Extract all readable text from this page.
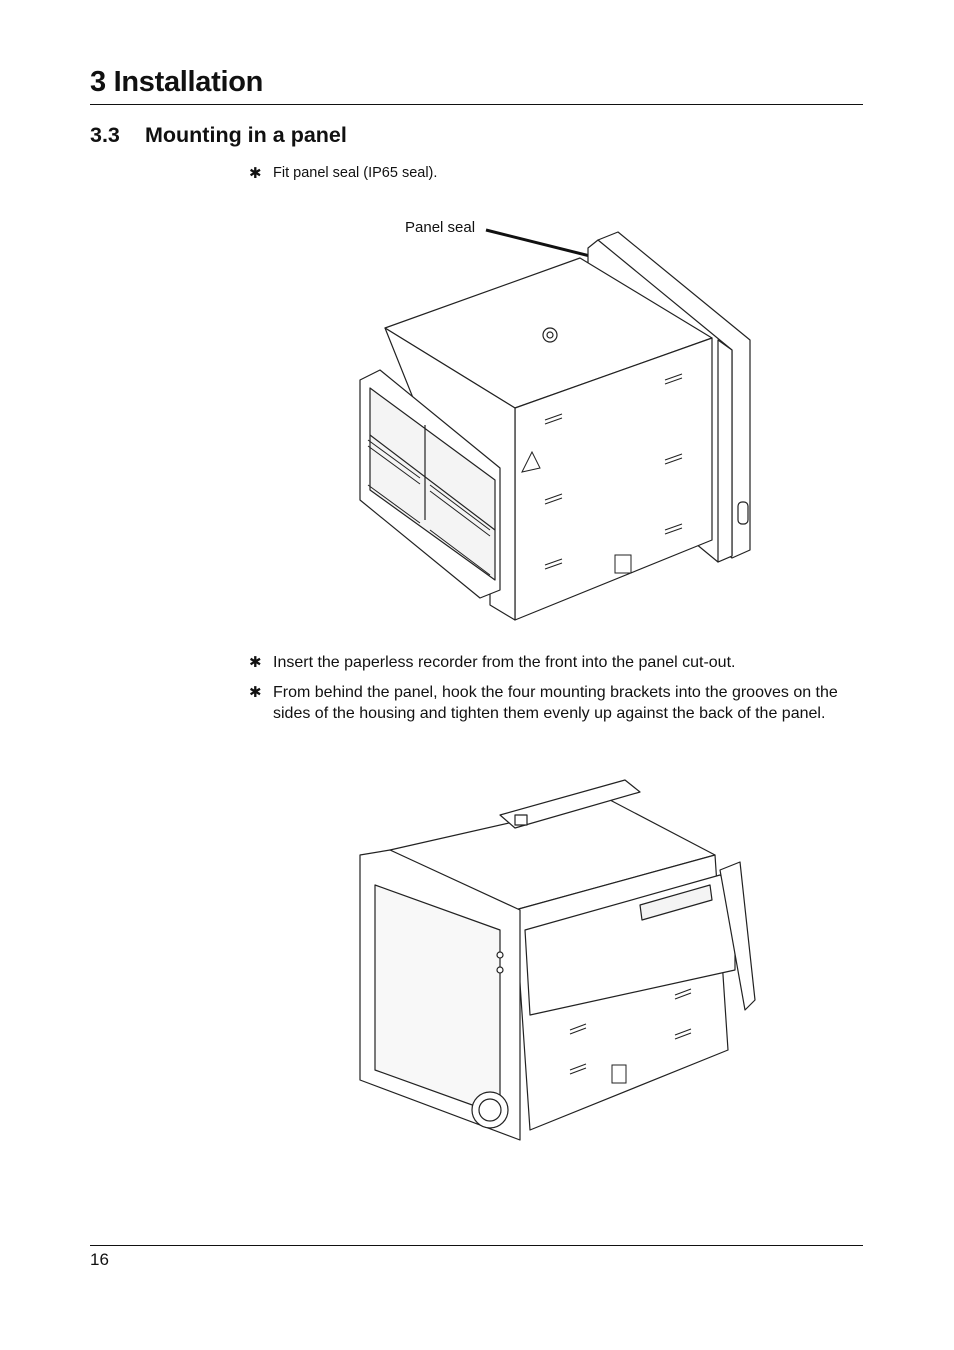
3 Installation
3.3 Mounting in a panel
✱ Fit panel seal (IP65 seal).
Panel seal
✱ Insert the paperless recorder from the front into the panel cut-out.
✱ From behind the panel, hook the four mounting brackets into the grooves on the sides of the housing and tighten them evenly up against the back of the panel.
16
